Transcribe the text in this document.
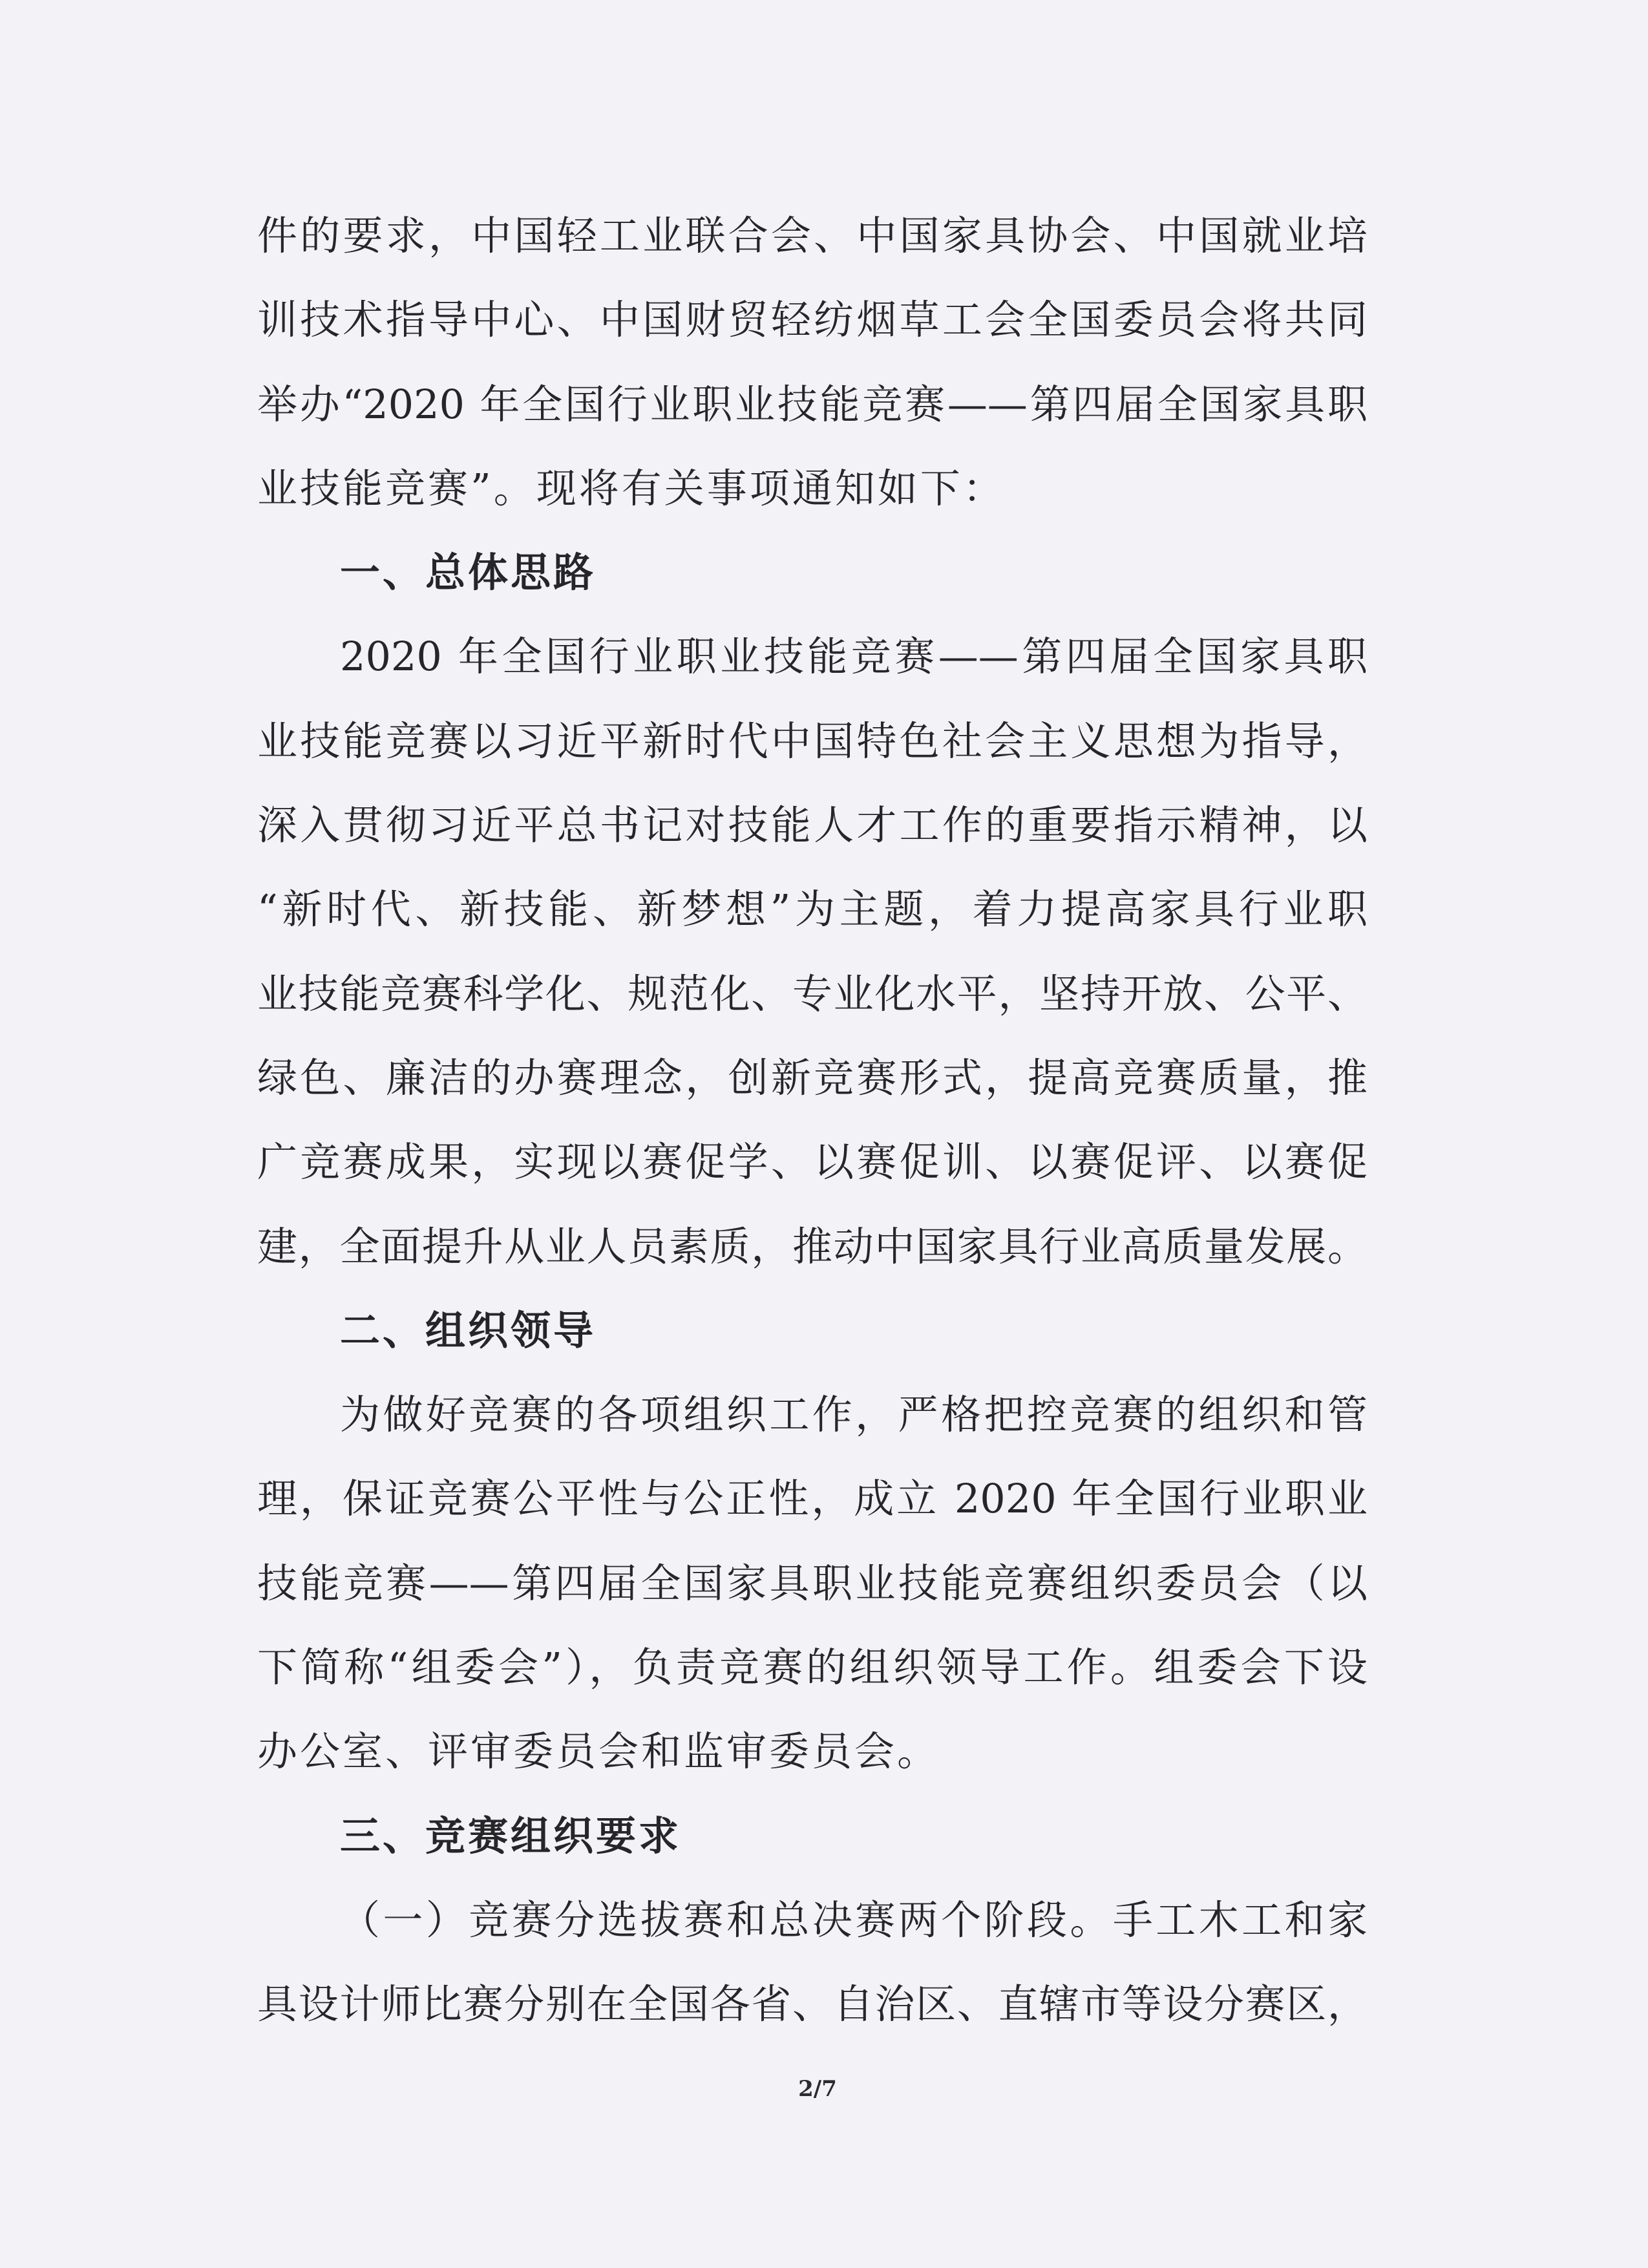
件的要求，中国轻工业联合会、中国家具协会、中国就业培
训技术指导中心、中国财贸轻纺烟草工会全国委员会将共同
举办“2020 年全国行业职业技能竞赛——第四届全国家具职
业技能竞赛”。现将有关事项通知如下：
一、总体思路
2020 年全国行业职业技能竞赛——第四届全国家具职
业技能竞赛以习近平新时代中国特色社会主义思想为指导，
深入贯彻习近平总书记对技能人才工作的重要指示精神，以
“新时代、新技能、新梦想”为主题，着力提高家具行业职
业技能竞赛科学化、规范化、专业化水平，坚持开放、公平、
绿色、廉洁的办赛理念，创新竞赛形式，提高竞赛质量，推
广竞赛成果，实现以赛促学、以赛促训、以赛促评、以赛促
建，全面提升从业人员素质，推动中国家具行业高质量发展。
二、组织领导
为做好竞赛的各项组织工作，严格把控竞赛的组织和管
理，保证竞赛公平性与公正性，成立 2020 年全国行业职业
技能竞赛——第四届全国家具职业技能竞赛组织委员会（以
下简称“组委会”），负责竞赛的组织领导工作。组委会下设
办公室、评审委员会和监审委员会。
三、竞赛组织要求
（一）竞赛分选拔赛和总决赛两个阶段。手工木工和家
具设计师比赛分别在全国各省、自治区、直辖市等设分赛区，
2/7
